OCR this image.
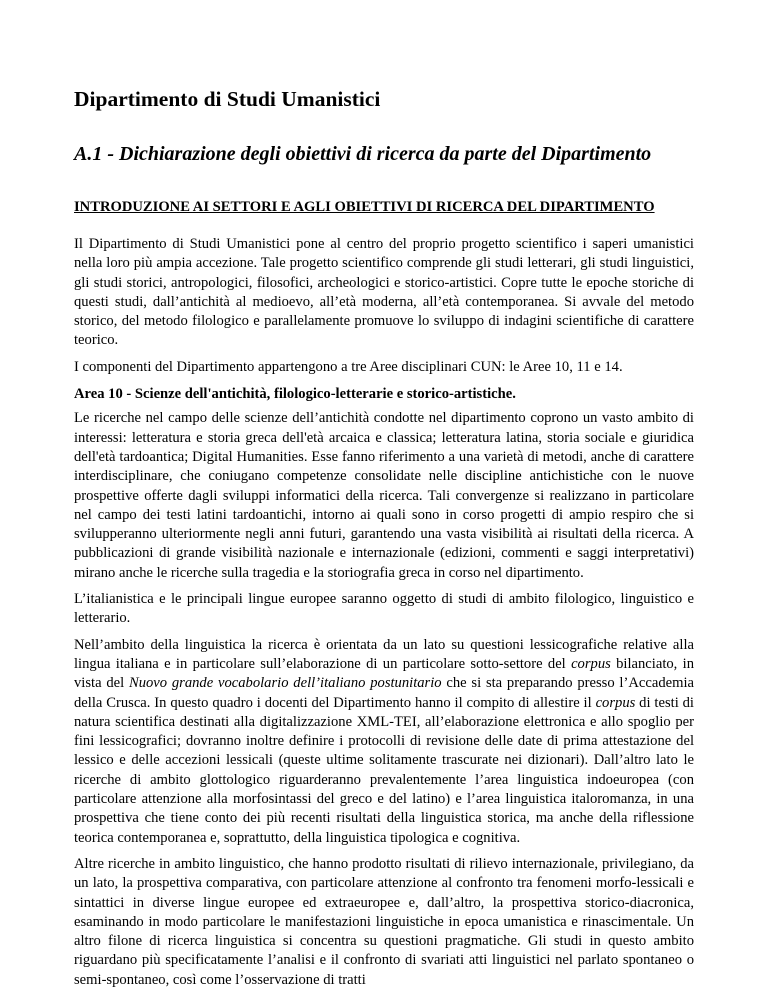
Dipartimento di Studi Umanistici
A.1 - Dichiarazione degli obiettivi di ricerca da parte del Dipartimento
INTRODUZIONE AI SETTORI E AGLI OBIETTIVI DI RICERCA DEL DIPARTIMENTO

Il Dipartimento di Studi Umanistici pone al centro del proprio progetto scientifico i saperi umanistici nella loro più ampia accezione. Tale progetto scientifico comprende gli studi letterari, gli studi linguistici, gli studi storici, antropologici, filosofici, archeologici e storico-artistici. Copre tutte le epoche storiche di questi studi, dall’antichità al medioevo, all’età moderna, all’età contemporanea. Si avvale del metodo storico, del metodo filologico e parallelamente promuove lo sviluppo di indagini scientifiche di carattere teorico.

I componenti del Dipartimento appartengono a tre Aree disciplinari CUN: le Aree 10, 11 e 14.

Area 10 - Scienze dell'antichità, filologico-letterarie e storico-artistiche.

Le ricerche nel campo delle scienze dell’antichità condotte nel dipartimento coprono un vasto ambito di interessi: letteratura e storia greca dell'età arcaica e classica; letteratura latina, storia sociale e giuridica dell'età tardoantica; Digital Humanities. Esse fanno riferimento a una varietà di metodi, anche di carattere interdisciplinare, che coniugano competenze consolidate nelle discipline antichistiche con le nuove prospettive offerte dagli sviluppi informatici della ricerca. Tali convergenze si realizzano in particolare nel campo dei testi latini tardoantichi, intorno ai quali sono in corso progetti di ampio respiro che si svilupperanno ulteriormente negli anni futuri, garantendo una vasta visibilità ai risultati della ricerca. A pubblicazioni di grande visibilità nazionale e internazionale (edizioni, commenti e saggi interpretativi) mirano anche le ricerche sulla tragedia e la storiografia greca in corso nel dipartimento.

L’italianistica e le principali lingue europee saranno oggetto di studi di ambito filologico, linguistico e letterario.

Nell’ambito della linguistica la ricerca è orientata da un lato su questioni lessicografiche relative alla lingua italiana e in particolare sull’elaborazione di un particolare sotto-settore del corpus bilanciato, in vista del Nuovo grande vocabolario dell’italiano postunitario che si sta preparando presso l’Accademia della Crusca. In questo quadro i docenti del Dipartimento hanno il compito di allestire il corpus di testi di natura scientifica destinati alla digitalizzazione XML-TEI, all’elaborazione elettronica e allo spoglio per fini lessicografici; dovranno inoltre definire i protocolli di revisione delle date di prima attestazione del lessico e delle accezioni lessicali (queste ultime solitamente trascurate nei dizionari). Dall’altro lato le ricerche di ambito glottologico riguarderanno prevalentemente l’area linguistica indoeuropea (con particolare attenzione alla morfosintassi del greco e del latino) e l’area linguistica italoromanza, in una prospettiva che tiene conto dei più recenti risultati della linguistica storica, ma anche della riflessione teorica contemporanea e, soprattutto, della linguistica tipologica e cognitiva.

Altre ricerche in ambito linguistico, che hanno prodotto risultati di rilievo internazionale, privilegiano, da un lato, la prospettiva comparativa, con particolare attenzione al confronto tra fenomeni morfo-lessicali e sintattici in diverse lingue europee ed extraeuropee e, dall’altro, la prospettiva storico-diacronica, esaminando in modo particolare le manifestazioni linguistiche in epoca umanistica e rinascimentale. Un altro filone di ricerca linguistica si concentra su questioni pragmatiche. Gli studi in questo ambito riguardano più specificatamente l’analisi e il confronto di svariati atti linguistici nel parlato spontaneo o semi-spontaneo, così come l’osservazione di tratti
